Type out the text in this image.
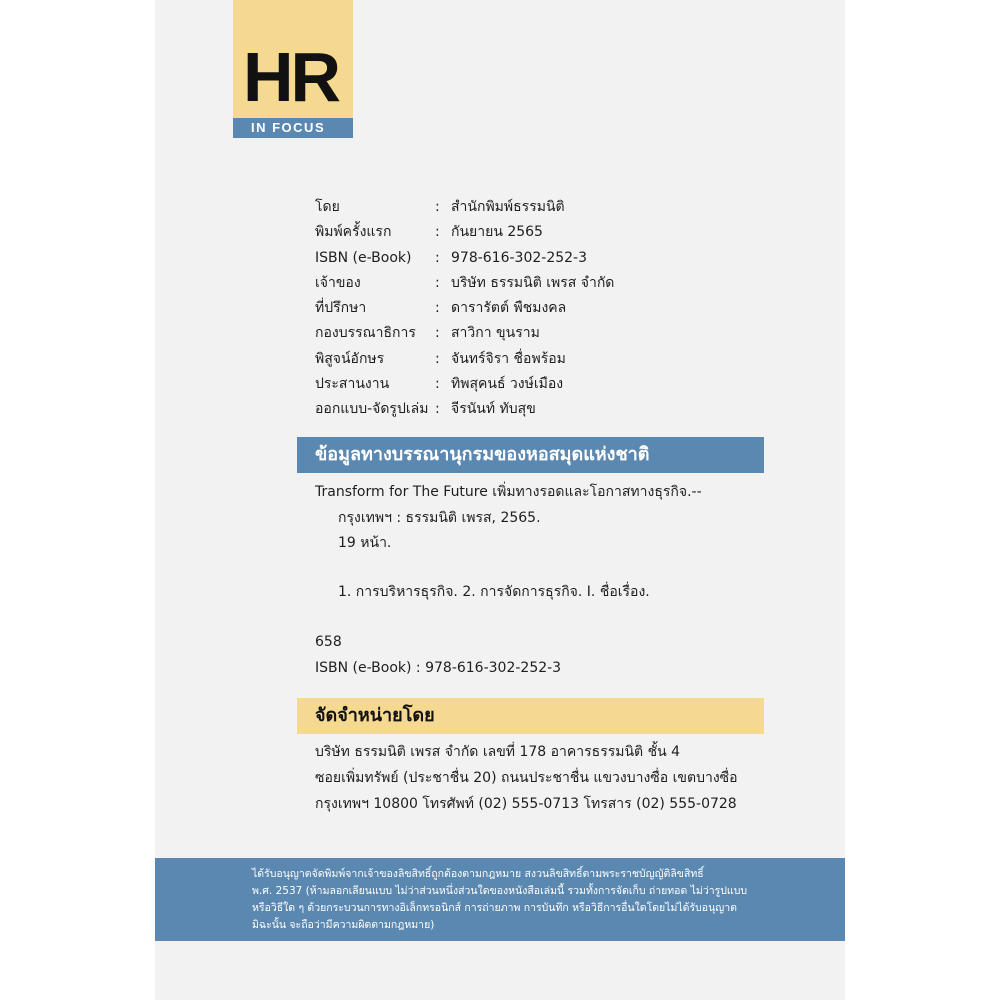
HR
IN FOCUS
โดย	: สำนักพิมพ์ธรรมนิติ
พิมพ์ครั้งแรก	: กันยายน 2565
ISBN (e-Book)	: 978-616-302-252-3
เจ้าของ	: บริษัท ธรรมนิติ เพรส จำกัด
ที่ปรึกษา	: ดารารัตต์ พืชมงคล
กองบรรณาธิการ	: สาวิกา ขุนราม
พิสูจน์อักษร	: จันทร์จิรา ชื่อพร้อม
ประสานงาน	: ทิพสุคนธ์ วงษ์เมือง
ออกแบบ-จัดรูปเล่ม : จีรนันท์ ทับสุข
ข้อมูลทางบรรณานุกรมของหอสมุดแห่งชาติ
Transform for The Future เพิ่มทางรอดและโอกาสทางธุรกิจ.--
กรุงเทพฯ : ธรรมนิติ เพรส, 2565.
19 หน้า.
1. การบริหารธุรกิจ. 2. การจัดการธุรกิจ. I. ชื่อเรื่อง.
658
ISBN (e-Book) : 978-616-302-252-3
จัดจำหน่ายโดย
บริษัท ธรรมนิติ เพรส จำกัด เลขที่ 178 อาคารธรรมนิติ ชั้น 4
ซอยเพิ่มทรัพย์ (ประชาชื่น 20) ถนนประชาชื่น แขวงบางซื่อ เขตบางซื่อ
กรุงเทพฯ 10800 โทรศัพท์ (02) 555-0713 โทรสาร (02) 555-0728
ได้รับอนุญาตจัดพิมพ์จากเจ้าของลิขสิทธิ์ถูกต้องตามกฎหมาย สงวนลิขสิทธิ์ตามพระราชบัญญัติลิขสิทธิ์
พ.ศ. 2537 (ห้ามลอกเลียนแบบ ไม่ว่าส่วนหนึ่งส่วนใดของหนังสือเล่มนี้ รวมทั้งการจัดเก็บ ถ่ายทอด ไม่ว่ารูปแบบ
หรือวิธีใด ๆ ด้วยกระบวนการทางอิเล็กทรอนิกส์ การถ่ายภาพ การบันทึก หรือวิธีการอื่นใดโดยไม่ได้รับอนุญาต
มิฉะนั้น จะถือว่ามีความผิดตามกฎหมาย)
